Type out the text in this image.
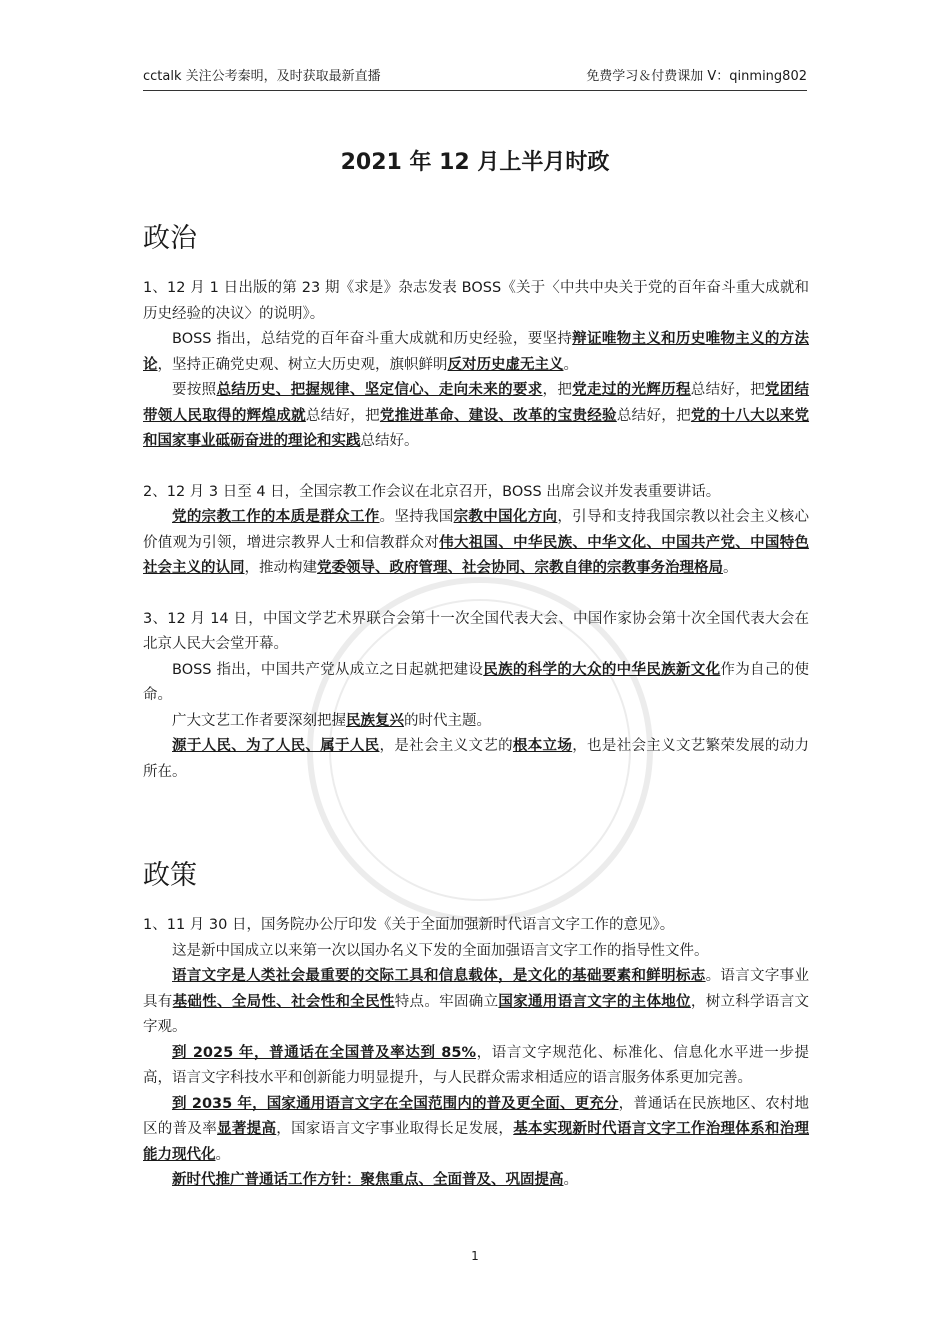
cctalk 关注公考秦明，及时获取最新直播	免费学习＆付费课加 V：qinming802
2021 年 12 月上半月时政
政治

1、12 月 1 日出版的第 23 期《求是》杂志发表 BOSS《关于〈中共中央关于党的百年奋斗重大成就和历史经验的决议〉的说明》。

BOSS 指出，总结党的百年奋斗重大成就和历史经验，要坚持辩证唯物主义和历史唯物主义的方法论，坚持正确党史观、树立大历史观，旗帜鲜明反对历史虚无主义。

要按照总结历史、把握规律、坚定信心、走向未来的要求，把党走过的光辉历程总结好，把党团结带领人民取得的辉煌成就总结好，把党推进革命、建设、改革的宝贵经验总结好，把党的十八大以来党和国家事业砥砺奋进的理论和实践总结好。

2、12 月 3 日至 4 日，全国宗教工作会议在北京召开，BOSS 出席会议并发表重要讲话。

党的宗教工作的本质是群众工作。坚持我国宗教中国化方向，引导和支持我国宗教以社会主义核心价值观为引领，增进宗教界人士和信教群众对伟大祖国、中华民族、中华文化、中国共产党、中国特色社会主义的认同，推动构建党委领导、政府管理、社会协同、宗教自律的宗教事务治理格局。

3、12 月 14 日，中国文学艺术界联合会第十一次全国代表大会、中国作家协会第十次全国代表大会在北京人民大会堂开幕。

BOSS 指出，中国共产党从成立之日起就把建设民族的科学的大众的中华民族新文化作为自己的使命。

广大文艺工作者要深刻把握民族复兴的时代主题。

源于人民、为了人民、属于人民，是社会主义文艺的根本立场，也是社会主义文艺繁荣发展的动力所在。

政策

1、11 月 30 日，国务院办公厅印发《关于全面加强新时代语言文字工作的意见》。

这是新中国成立以来第一次以国办名义下发的全面加强语言文字工作的指导性文件。

语言文字是人类社会最重要的交际工具和信息载体，是文化的基础要素和鲜明标志。语言文字事业具有基础性、全局性、社会性和全民性特点。牢固确立国家通用语言文字的主体地位，树立科学语言文字观。

到 2025 年，普通话在全国普及率达到 85%，语言文字规范化、标准化、信息化水平进一步提高，语言文字科技水平和创新能力明显提升，与人民群众需求相适应的语言服务体系更加完善。

到 2035 年，国家通用语言文字在全国范围内的普及更全面、更充分，普通话在民族地区、农村地区的普及率显著提高，国家语言文字事业取得长足发展，基本实现新时代语言文字工作治理体系和治理能力现代化。

新时代推广普通话工作方针：聚焦重点、全面普及、巩固提高。

1
